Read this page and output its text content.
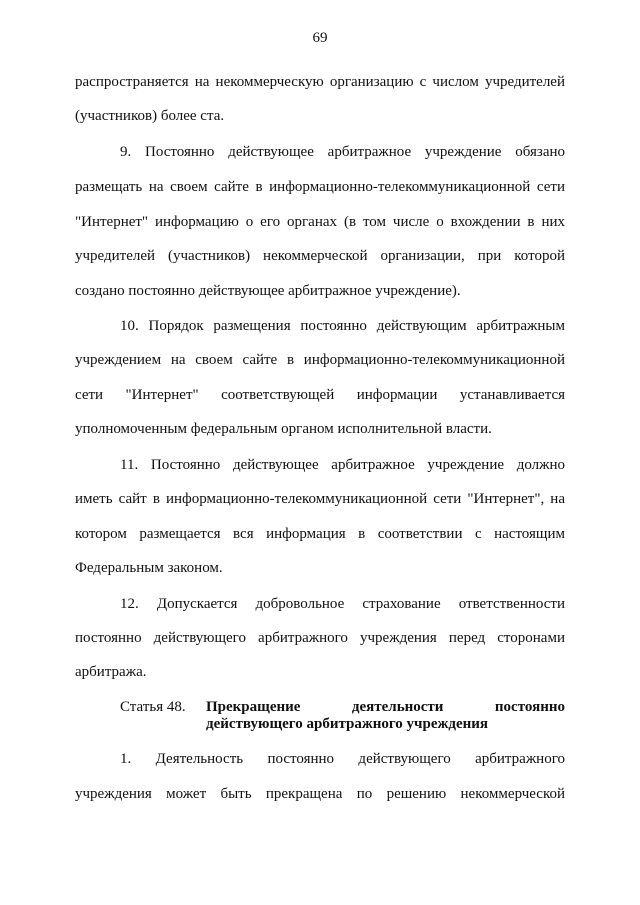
69
распространяется на некоммерческую организацию с числом учредителей
(участников) более ста.
9. Постоянно действующее арбитражное учреждение обязано
размещать на своем сайте в информационно-телекоммуникационной сети
"Интернет" информацию о его органах (в том числе о вхождении в них
учредителей (участников) некоммерческой организации, при которой
создано постоянно действующее арбитражное учреждение).
10. Порядок размещения постоянно действующим арбитражным
учреждением на своем сайте в информационно-телекоммуникационной
сети "Интернет" соответствующей информации устанавливается
уполномоченным федеральным органом исполнительной власти.
11. Постоянно действующее арбитражное учреждение должно
иметь сайт в информационно-телекоммуникационной сети "Интернет", на
котором размещается вся информация в соответствии с настоящим
Федеральным законом.
12. Допускается добровольное страхование ответственности
постоянно действующего арбитражного учреждения перед сторонами
арбитража.
Статья 48. Прекращение деятельности постоянно
действующего арбитражного учреждения
1. Деятельность постоянно действующего арбитражного
учреждения может быть прекращена по решению некоммерческой
